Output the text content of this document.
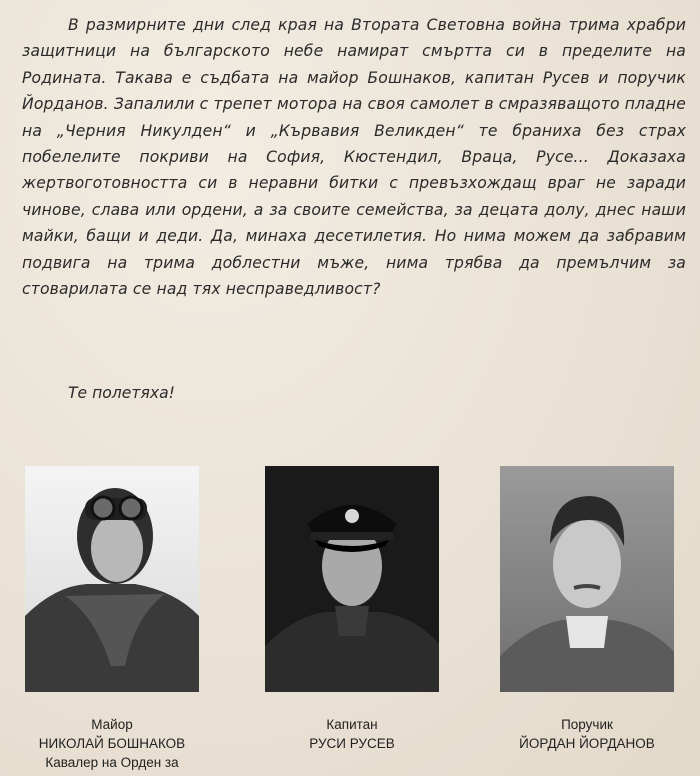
В размирните дни след края на Втората Световна война трима храбри защитници на българското небе намират смъртта си в пределите на Родината. Такава е съдбата на майор Бошнаков, капитан Русев и поручик Йорданов. Запалили с трепет мотора на своя самолет в смразяващото пладне на „Черния Никулден“ и „Кървавия Великден“ те браниха без страх побелелите покриви на София, Кюстендил, Враца, Русе... Доказаха жертвоготовността си в неравни битки с превъзхождащ враг не заради чинове, слава или ордени, а за своите семейства, за децата долу, днес наши майки, бащи и деди. Да, минаха десетилетия. Но нима можем да забравим подвига на трима доблестни мъже, нима трябва да премълчим за стоварилата се над тях несправедливост?

Те полетяха!
Майор
НИКОЛАЙ БОШНАКОВ
Кавалер на Орден за
Капитан
РУСИ РУСЕВ
Поручик
ЙОРДАН ЙОРДАНОВ
